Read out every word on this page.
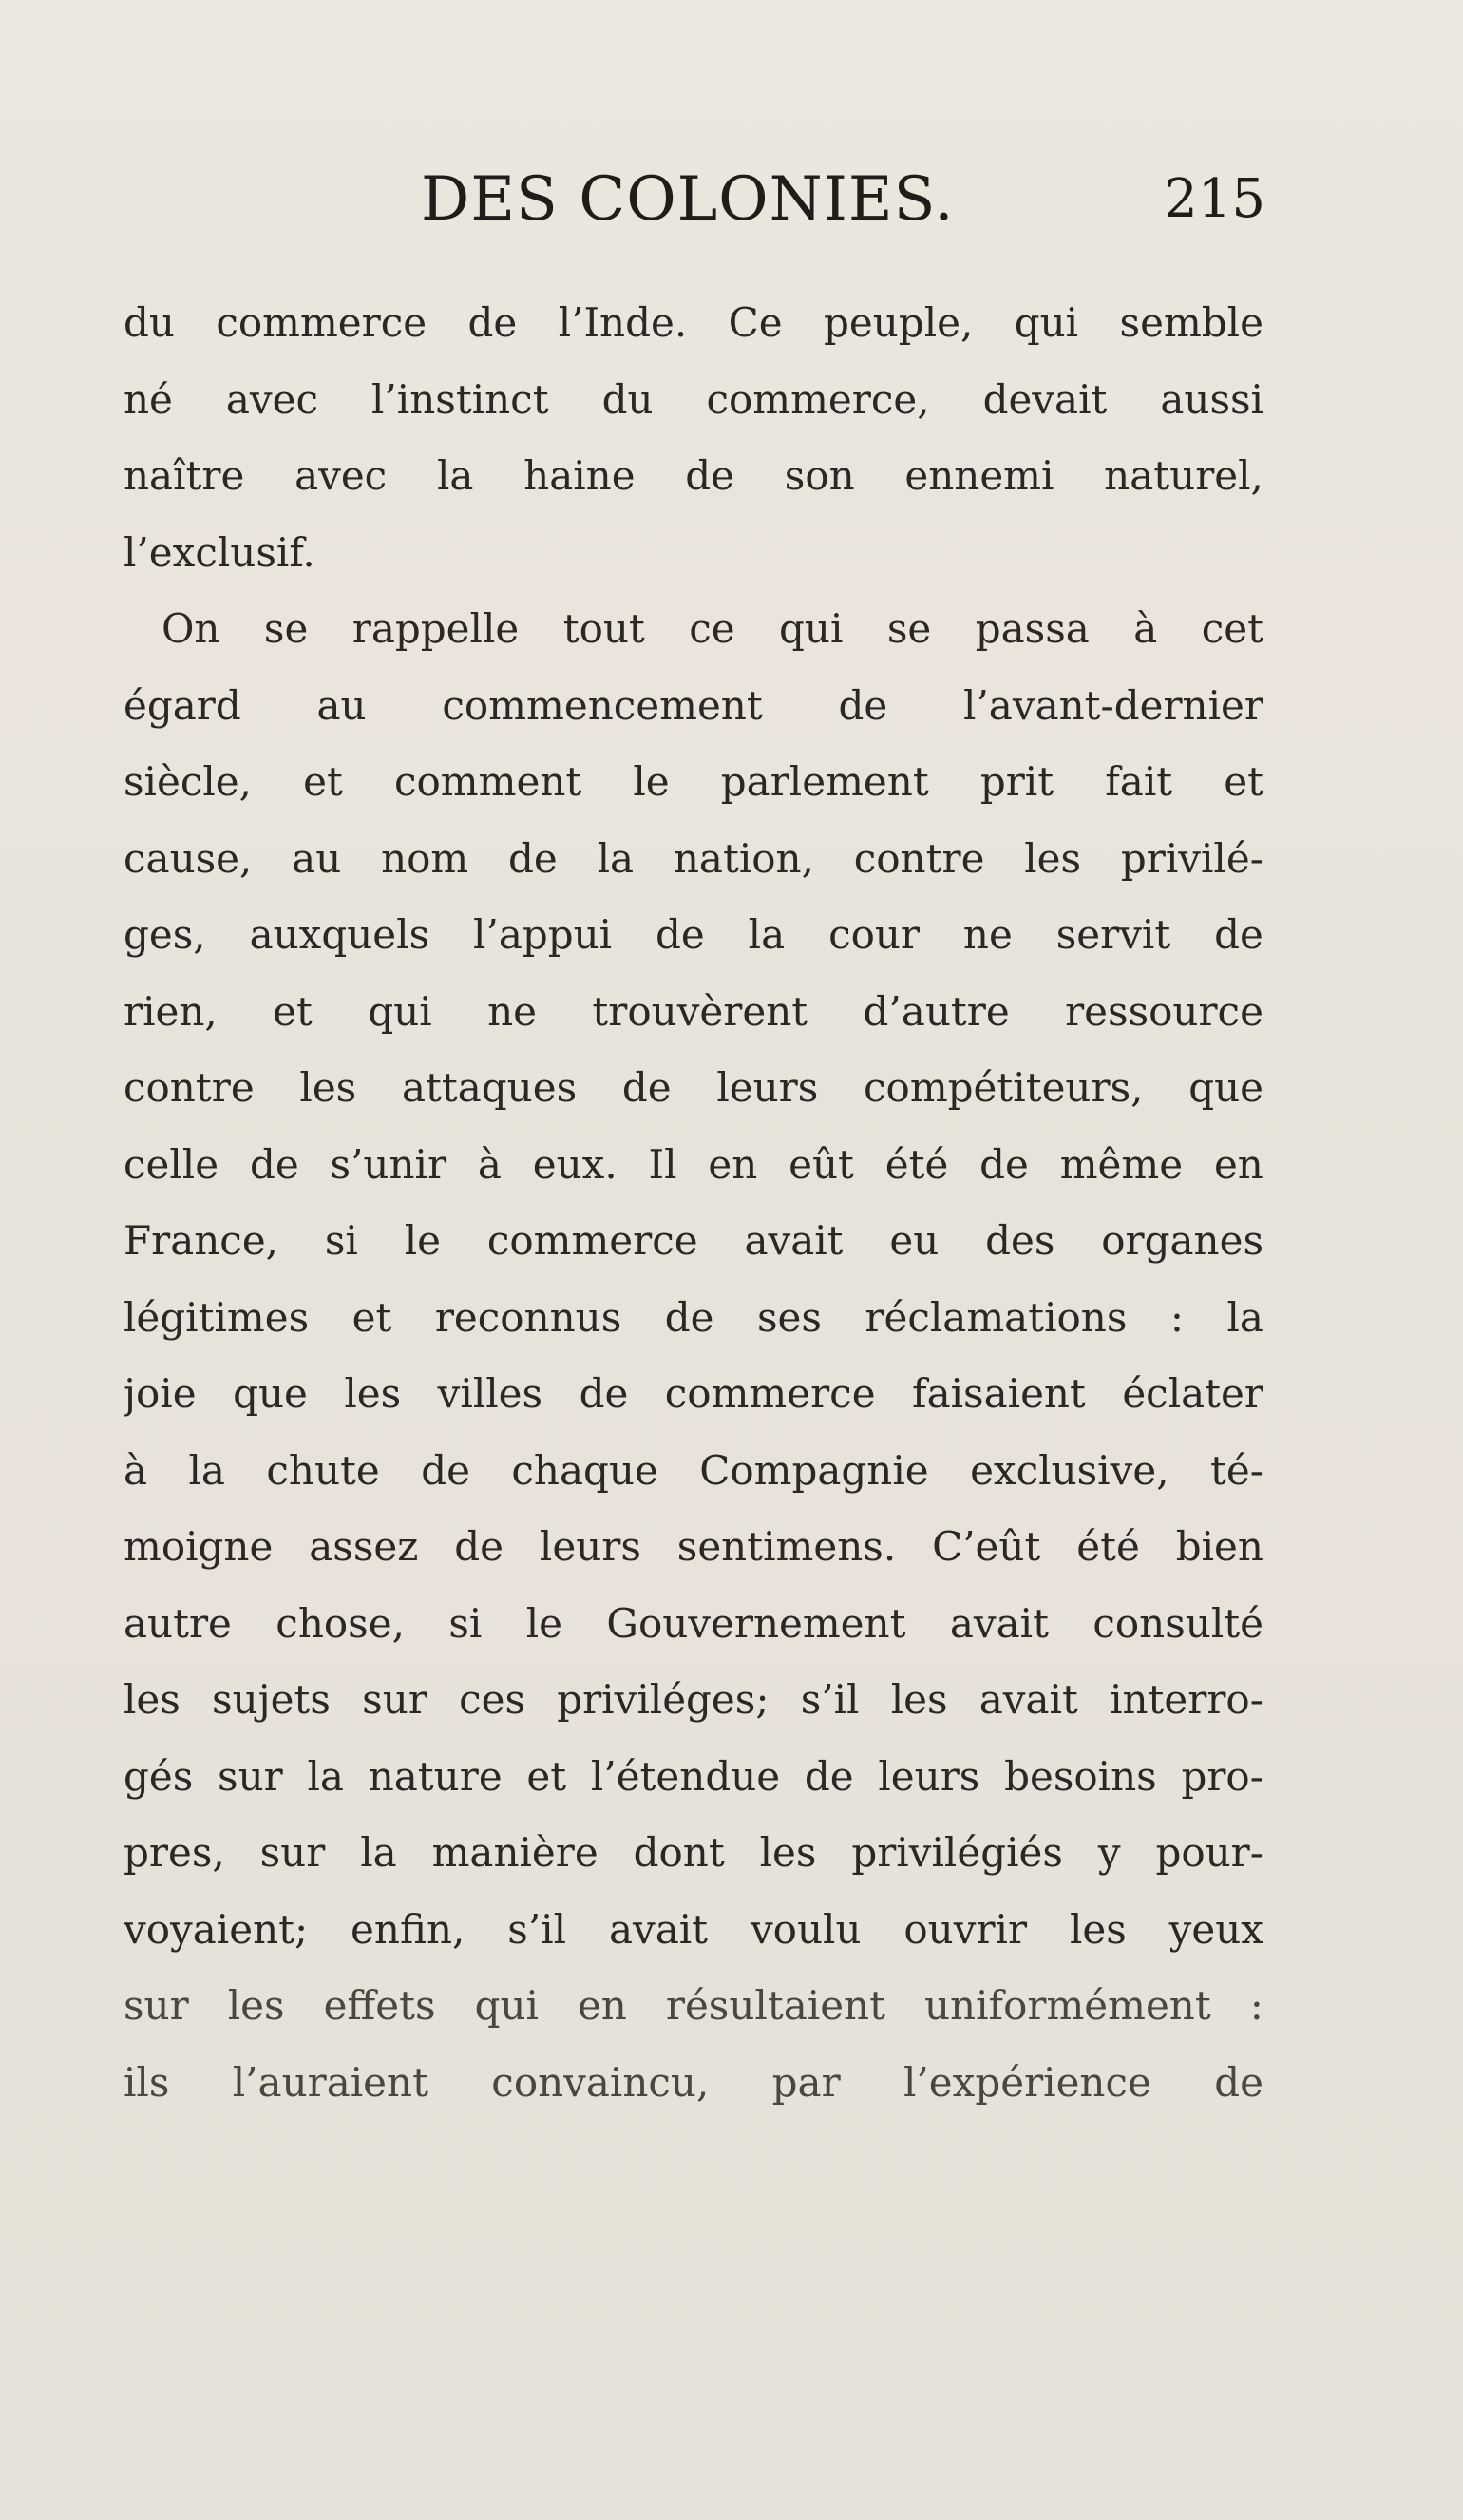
DES COLONIES.	215
du commerce de l’Inde. Ce peuple, qui semble
né avec l’instinct du commerce, devait aussi
naître avec la haine de son ennemi naturel,
l’exclusif.
On se rappelle tout ce qui se passa à cet
égard au commencement de l’avant-dernier
siècle, et comment le parlement prit fait et
cause, au nom de la nation, contre les privilé-
ges, auxquels l’appui de la cour ne servit de
rien, et qui ne trouvèrent d’autre ressource
contre les attaques de leurs compétiteurs, que
celle de s’unir à eux. Il en eût été de même en
France, si le commerce avait eu des organes
légitimes et reconnus de ses réclamations : la
joie que les villes de commerce faisaient éclater
à la chute de chaque Compagnie exclusive, té-
moigne assez de leurs sentimens. C’eût été bien
autre chose, si le Gouvernement avait consulté
les sujets sur ces priviléges; s’il les avait interro-
gés sur la nature et l’étendue de leurs besoins pro-
pres, sur la manière dont les privilégiés y pour-
voyaient; enfin, s’il avait voulu ouvrir les yeux
sur les effets qui en résultaient uniformément :
ils l’auraient convaincu, par l’expérience de
